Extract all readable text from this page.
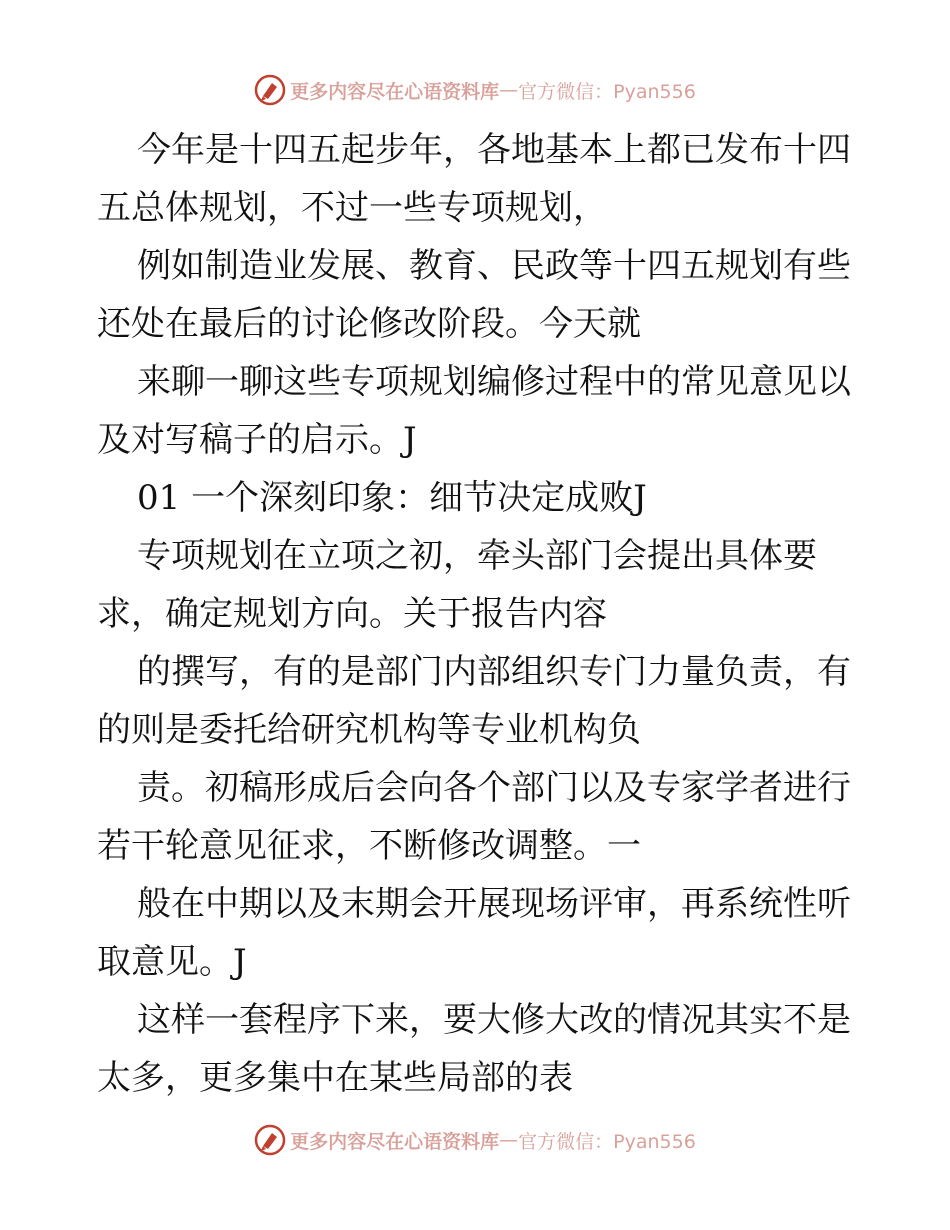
更多内容尽在心语资料库 — 官方微信：Pyan556
今年是十四五起步年，各地基本上都已发布十四
五总体规划，不过一些专项规划，
例如制造业发展、教育、民政等十四五规划有些
还处在最后的讨论修改阶段。今天就
来聊一聊这些专项规划编修过程中的常见意见以
及对写稿子的启示。J
01 一个深刻印象：细节决定成败J
专项规划在立项之初，牵头部门会提出具体要
求，确定规划方向。关于报告内容
的撰写，有的是部门内部组织专门力量负责，有
的则是委托给研究机构等专业机构负
责。初稿形成后会向各个部门以及专家学者进行
若干轮意见征求，不断修改调整。一
般在中期以及末期会开展现场评审，再系统性听
取意见。J
这样一套程序下来，要大修大改的情况其实不是
太多，更多集中在某些局部的表
更多内容尽在心语资料库 — 官方微信：Pyan556
